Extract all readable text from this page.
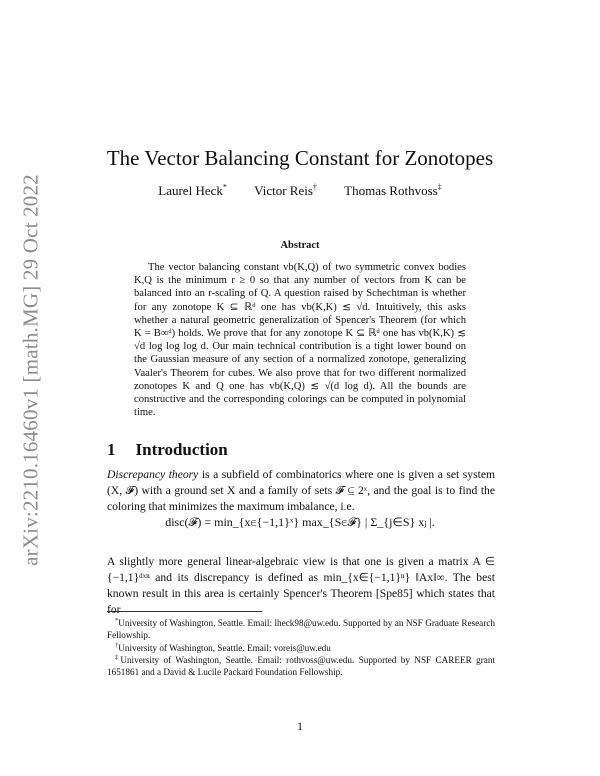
arXiv:2210.16460v1 [math.MG] 29 Oct 2022
The Vector Balancing Constant for Zonotopes
Laurel Heck* Victor Reis† Thomas Rothvoss‡
Abstract

The vector balancing constant vb(K,Q) of two symmetric convex bodies K,Q is the minimum r ≥ 0 so that any number of vectors from K can be balanced into an r-scaling of Q. A question raised by Schechtman is whether for any zonotope K ⊆ ℝᵈ one has vb(K,K) ≲ √d. Intuitively, this asks whether a natural geometric generalization of Spencer's Theorem (for which K = B∞ᵈ) holds. We prove that for any zonotope K ⊆ ℝᵈ one has vb(K,K) ≲ √d log log log d. Our main technical contribution is a tight lower bound on the Gaussian measure of any section of a normalized zonotope, generalizing Vaaler's Theorem for cubes. We also prove that for two different normalized zonotopes K and Q one has vb(K,Q) ≲ √(d log d). All the bounds are constructive and the corresponding colorings can be computed in polynomial time.

1 Introduction

Discrepancy theory is a subfield of combinatorics where one is given a set system (X, 𝓕) with a ground set X and a family of sets 𝓕 ⊆ 2ˣ, and the goal is to find the coloring that minimizes the maximum imbalance, i.e.

disc(𝓕) = min_{x∈{−1,1}ˣ} max_{S∈𝓕} | Σ_{j∈S} xⱼ |.

A slightly more general linear-algebraic view is that one is given a matrix A ∈ {−1,1}ᵈˣⁿ and its discrepancy is defined as min_{x∈{−1,1}ⁿ} ‖Ax‖∞. The best known result in this area is certainly Spencer's Theorem [Spe85] which states that for

*University of Washington, Seattle. Email: lheck98@uw.edu. Supported by an NSF Graduate Research Fellowship.

†University of Washington, Seattle. Email: voreis@uw.edu

‡University of Washington, Seattle. Email: rothvoss@uw.edu. Supported by NSF CAREER grant 1651861 and a David & Lucile Packard Foundation Fellowship.

1
